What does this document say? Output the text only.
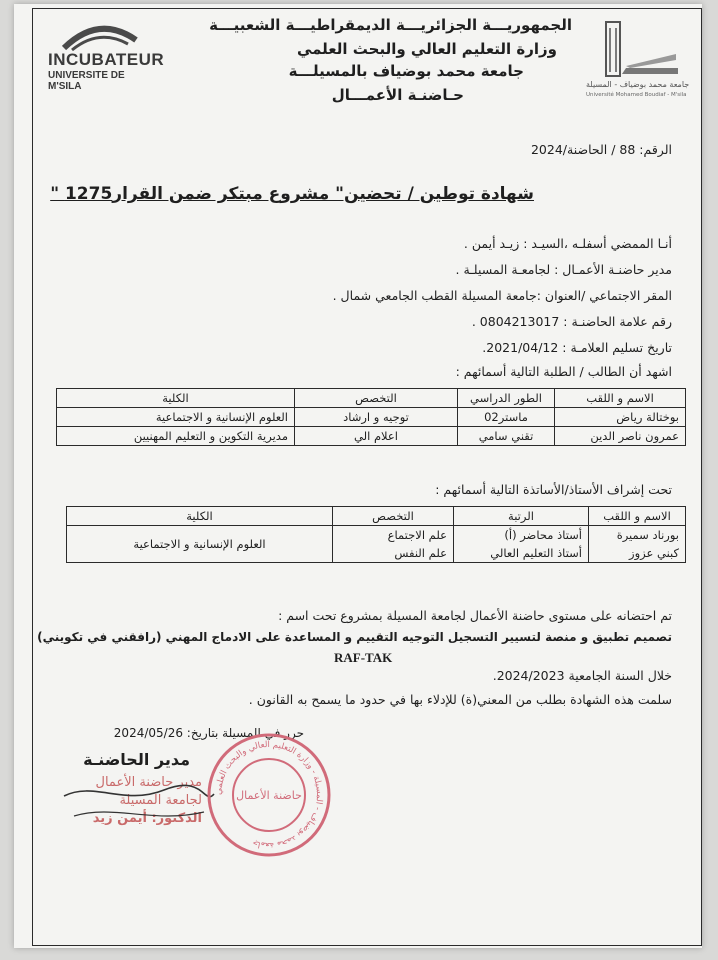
INCUBATEUR
UNIVERSITE DE M'SILA	جامعة محمد بوضياف - المسيلة
Université Mohamed Boudiaf - M'sila
الجمهوريـــة الجزائريـــة الديمقراطيـــة الشعبيـــة
وزارة التعليم العالي والبحث العلمي
جامعة محمد بوضياف بالمسيلـــة
حـاضنـة الأعمـــال
الرقم: 88 / الحاضنة/2024
شهادة توطين / تحضين" مشروع مبتكر ضمن القرار1275 "
أنـا الممضي أسفلـه ،السيـد : زيـد أيمن .
مدير حاضنـة الأعمـال : لجامعـة المسيلـة .
المقر الاجتماعي /العنوان :جامعة المسيلة القطب الجامعي شمال .
رقم علامة الحاضنـة : 0804213017 .
تاريخ تسليم العلامـة : 2021/04/12.
اشهد أن الطالب / الطلبة التالية أسمائهم :
الاسم و اللقب	الطور الدراسي	التخصص	الكلية
بوختالة رياض	ماستر02	توجيه و ارشاد	العلوم الإنسانية و الاجتماعية
عمرون ناصر الدين	تقني سامي	اعلام الي	مديرية التكوين و التعليم المهنيين
تحت إشراف الأستاذ/الأساتذة التالية أسمائهم :
الاسم و اللقب	الرتبة	التخصص	الكلية
بورناد سميرة	أستاذ محاضر (أ)	علم الاجتماع	العلوم الإنسانية و الاجتماعية
كبني عزوز	أستاذ التعليم العالي	علم النفس	
تم احتضانه على مستوى حاضنة الأعمال لجامعة المسيلة بمشروع تحت اسم :
تصميم تطبيق و منصة لتسيير التسجيل التوجيه التقييم و المساعدة على الادماج المهني (رافقني في تكويني)
RAF-TAK
خلال السنة الجامعية 2024/2023.
سلمت هذه الشهادة بطلب من المعني(ة) للإدلاء بها في حدود ما يسمح به القانون .
حرر في المسيلة بتاريخ: 2024/05/26
مدير الحاضنـة
مدير حاضنة الأعمال
لجامعة المسيلة
الدكتور: أيمن زيد
جامعة محمد بوضياف - المسيلة - وزارة التعليم العالي والبحث العلمي
حاضنة الأعمال
